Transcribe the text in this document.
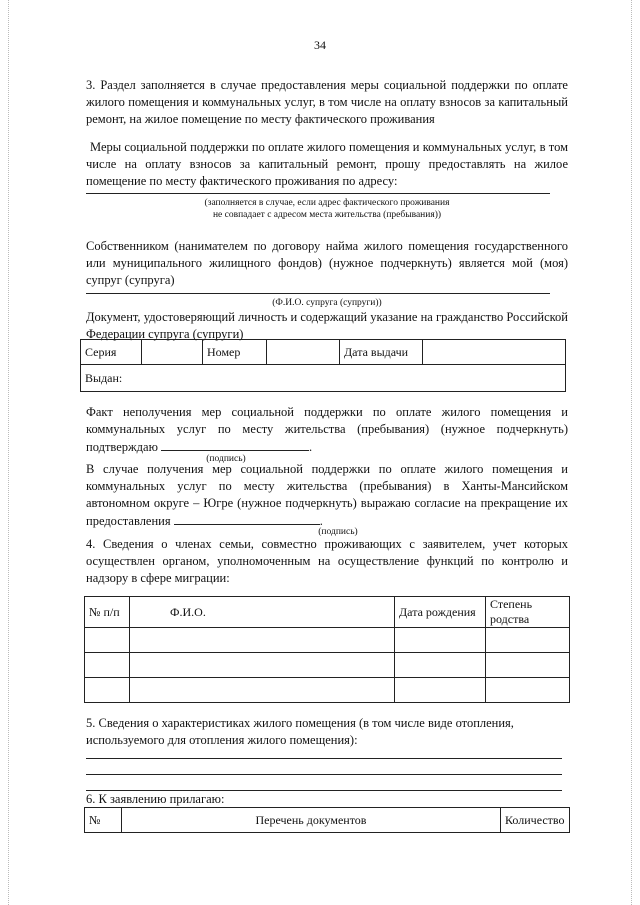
34
3. Раздел заполняется в случае предоставления меры социальной поддержки по оплате жилого помещения и коммунальных услуг, в том числе на оплату взносов за капитальный ремонт, на жилое помещение по месту фактического проживания
Меры социальной поддержки по оплате жилого помещения и коммунальных услуг, в том числе на оплату взносов за капитальный ремонт, прошу предоставлять на жилое помещение по месту фактического проживания по адресу:
(заполняется в случае, если адрес фактического проживания
не совпадает с адресом места жительства (пребывания))
Собственником (нанимателем по договору найма жилого помещения государственного или муниципального жилищного фондов) (нужное подчеркнуть) является мой (моя) супруг (супруга)
(Ф.И.О. супруга (супруги))
Документ, удостоверяющий личность и содержащий указание на гражданство Российской Федерации супруга (супруги)
Серия		Номер		Дата выдачи	
Выдан:
Факт неполучения мер социальной поддержки по оплате жилого помещения и коммунальных услуг по месту жительства (пребывания) (нужное подчеркнуть) подтверждаю	.
(подпись)
В случае получения мер социальной поддержки по оплате жилого помещения и коммунальных услуг по месту жительства (пребывания) в Ханты-Мансийском автономном округе – Югре (нужное подчеркнуть) выражаю согласие на прекращение их предоставления	.
(подпись)
4. Сведения о членах семьи, совместно проживающих с заявителем, учет которых осуществлен органом, уполномоченным на осуществление функций по контролю и надзору в сфере миграции:
№ п/п	Ф.И.О.	Дата рождения	Степень родства

5. Сведения о характеристиках жилого помещения (в том числе виде отопления, используемого для отопления жилого помещения):
6. К заявлению прилагаю:
№	Перечень документов	Количество
